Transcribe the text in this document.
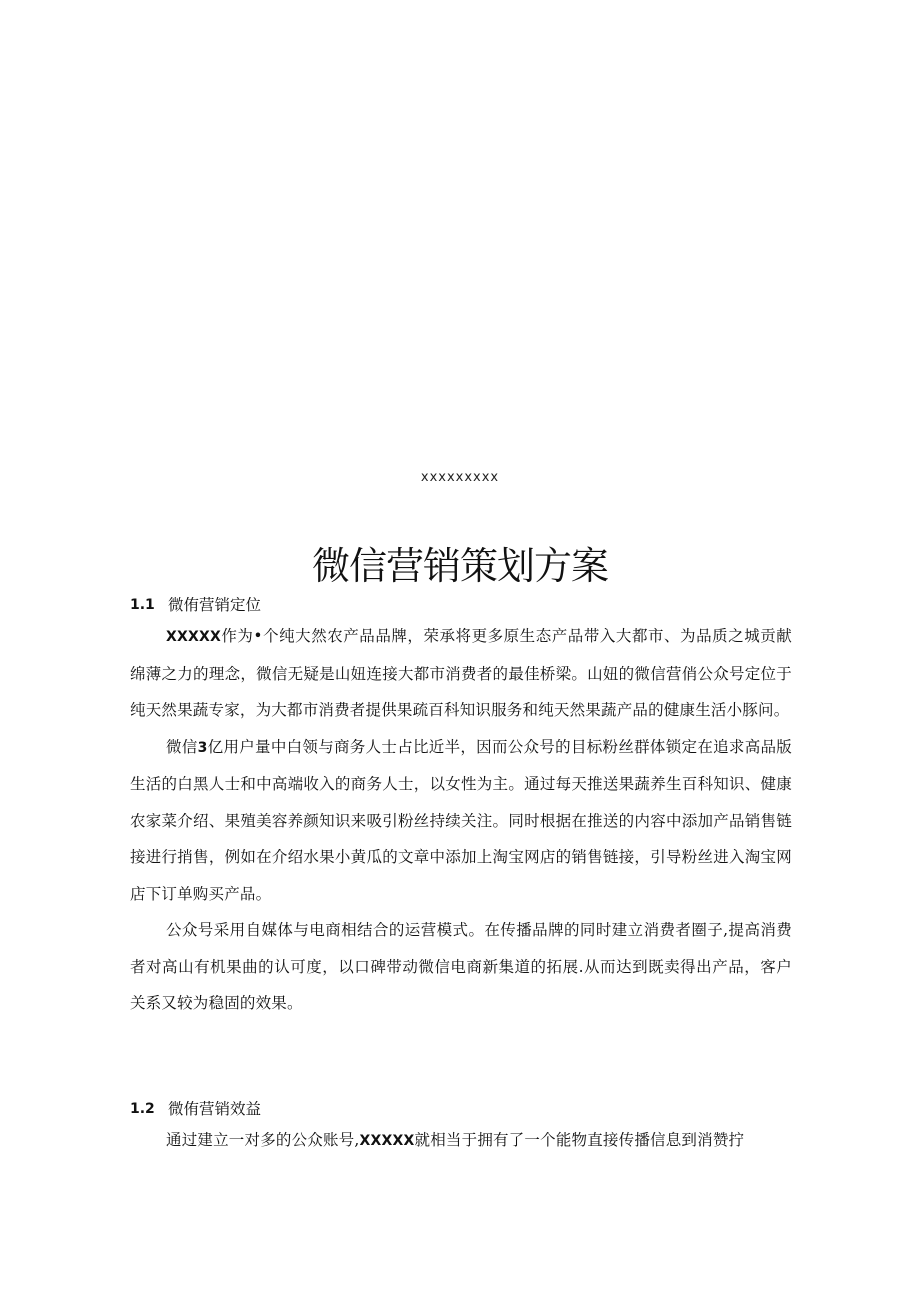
xxxxxxxxx
微信营销策划方案
1.1 微侑营销定位

XXXXX作为•个纯大然农产品品牌，荣承将更多原生态产品带入大都市、为品质之城贡献绵薄之力的理念，微信无疑是山妞连接大都市消费者的最佳桥梁。山妞的微信营俏公众号定位于纯天然果蔬专家，为大都市消费者提供果疏百科知识服务和纯天然果蔬产品的健康生活小豚问。

微信3亿用户量中白领与商务人士占比近半，因而公众号的目标粉丝群体锁定在追求高品版生活的白黑人士和中高端收入的商务人士，以女性为主。通过每天推送果蔬养生百科知识、健康农家菜介绍、果殖美容养颜知识来吸引粉丝持续关注。同时根据在推送的内容中添加产品销售链接进行捎售，例如在介绍水果小黄瓜的文章中添加上淘宝网店的销售链接，引导粉丝进入淘宝网店下订单购买产品。

公众号采用自媒体与电商相结合的运营模式。在传播品牌的同时建立消费者圈子,提高消费者对高山有机果曲的认可度，以口碑带动微信电商新集道的拓展.从而达到既卖得出产品，客户关系又较为稳固的效果。

1.2 微侑营销效益

通过建立一对多的公众账号,XXXXX就相当于拥有了一个能物直接传播信息到消赞拧
